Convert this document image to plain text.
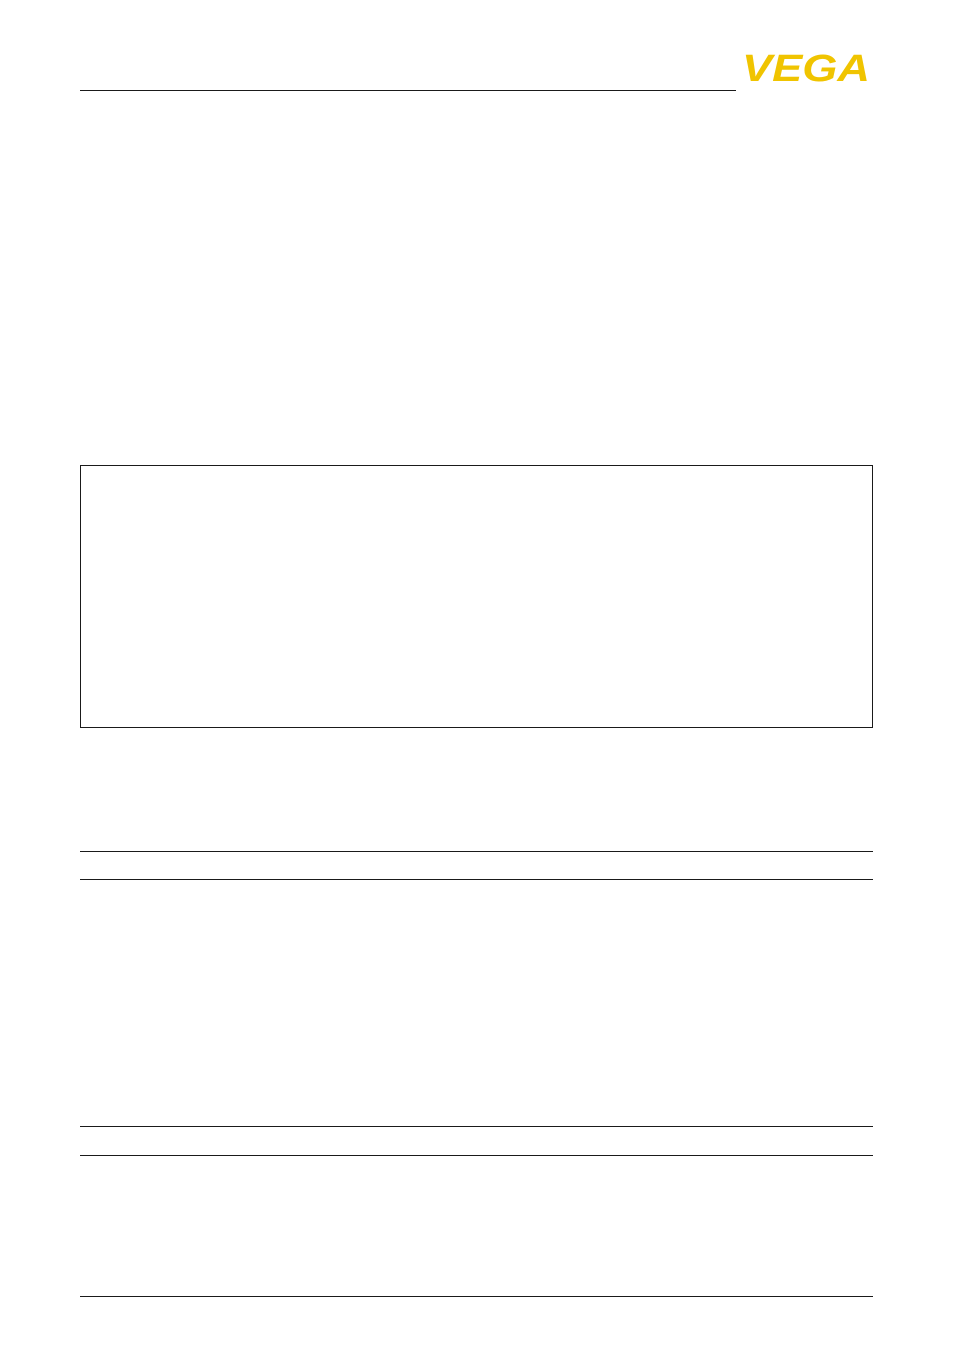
VEGA
